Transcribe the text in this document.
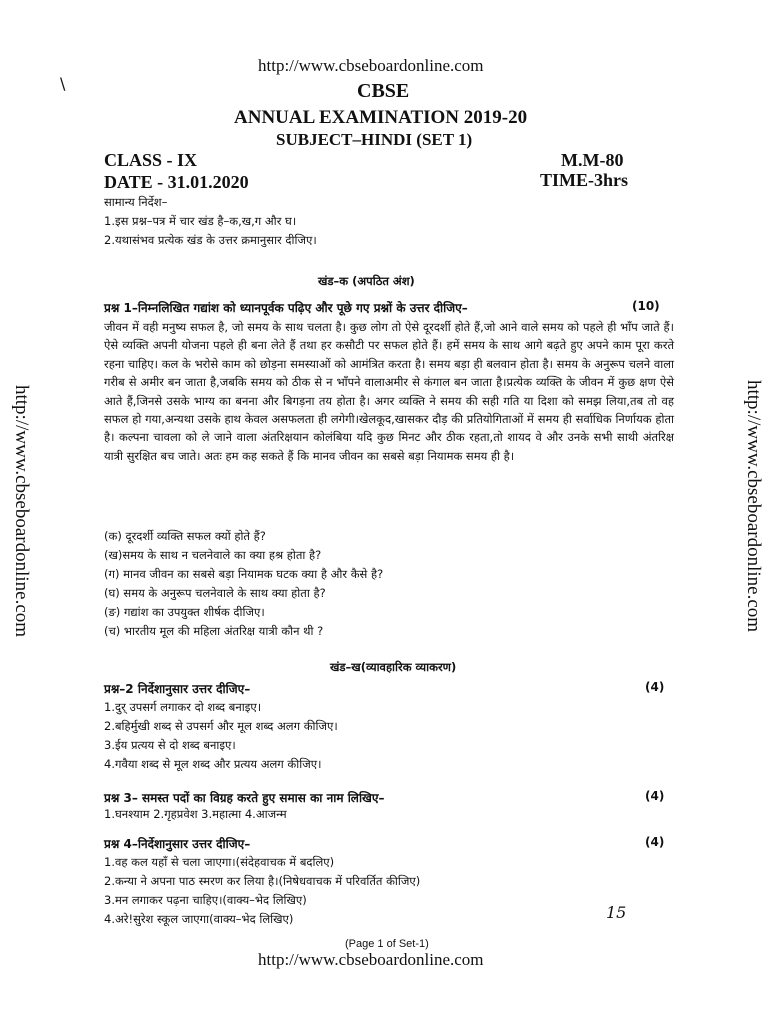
\
http://www.cbseboardonline.com
CBSE
ANNUAL EXAMINATION 2019-20
SUBJECT–HINDI (SET 1)
CLASS - IX
DATE - 31.01.2020
M.M-80
TIME-3hrs
http://www.cbseboardonline.com	http://www.cbseboardonline.com
सामान्य निर्देश–
1.इस प्रश्न–पत्र में चार खंड है–क,ख,ग और घ।
2.यथासंभव प्रत्येक खंड के उत्तर क्रमानुसार दीजिए।
खंड–क (अपठित अंश)
प्रश्न 1–निम्नलिखित गद्यांश को ध्यानपूर्वक पढ़िए और पूछे गए प्रश्नों के उत्तर दीजिए–	(10)
जीवन में वही मनुष्य सफल है, जो समय के साथ चलता है। कुछ लोग तो ऐसे दूरदर्शी होते हैं,जो आने वाले समय को पहले ही भाँप जाते हैं। ऐसे व्यक्ति अपनी योजना पहले ही बना लेते हैं तथा हर कसौटी पर सफल होते हैं। हमें समय के साथ आगे बढ़ते हुए अपने काम पूरा करते रहना चाहिए। कल के भरोसे काम को छोड़ना समस्याओं को आमंत्रित करता है। समय बड़ा ही बलवान होता है। समय के अनुरूप चलने वाला गरीब से अमीर बन जाता है,जबकि समय को ठीक से न भाँपने वालाअमीर से कंगाल बन जाता है।प्रत्येक व्यक्ति के जीवन में कुछ क्षण ऐसे आते हैं,जिनसे उसके भाग्य का बनना और बिगड़ना तय होता है। अगर व्यक्ति ने समय की सही गति या दिशा को समझ लिया,तब तो वह सफल हो गया,अन्यथा उसके हाथ केवल असफलता ही लगेगी।खेलकूद,खासकर दौड़ की प्रतियोगिताओं में समय ही सर्वाधिक निर्णायक होता है। कल्पना चावला को ले जाने वाला अंतरिक्षयान कोलंबिया यदि कुछ मिनट और ठीक रहता,तो शायद वे और उनके सभी साथी अंतरिक्ष यात्री सुरक्षित बच जाते। अतः हम कह सकते हैं कि मानव जीवन का सबसे बड़ा नियामक समय ही है।
(क) दूरदर्शी व्यक्ति सफल क्यों होते हैं?
(ख)समय के साथ न चलनेवाले का क्या हश्र होता है?
(ग) मानव जीवन का सबसे बड़ा नियामक घटक क्या है और कैसे है?
(घ) समय के अनुरूप चलनेवाले के साथ क्या होता है?
(ङ) गद्यांश का उपयुक्त शीर्षक दीजिए।
(च) भारतीय मूल की महिला अंतरिक्ष यात्री कौन थी ?
खंड–ख(व्यावहारिक व्याकरण)
प्रश्न–2 निर्देशानुसार उत्तर दीजिए–	(4)
1.दुर् उपसर्ग लगाकर दो शब्द बनाइए।
2.बहिर्मुखी शब्द से उपसर्ग और मूल शब्द अलग कीजिए।
3.ईय प्रत्यय से दो शब्द बनाइए।
4.गवैया शब्द से मूल शब्द और प्रत्यय अलग कीजिए।
प्रश्न 3– समस्त पदों का विग्रह करते हुए समास का नाम लिखिए–	(4)
1.घनश्याम 2.गृहप्रवेश 3.महात्मा 4.आजन्म
प्रश्न 4–निर्देशानुसार उत्तर दीजिए–	(4)
1.वह कल यहाँ से चला जाएगा।(संदेहवाचक में बदलिए)
2.कन्या ने अपना पाठ स्मरण कर लिया है।(निषेधवाचक में परिवर्तित कीजिए)
3.मन लगाकर पढ़ना चाहिए।(वाक्य–भेद लिखिए)
4.अरे!सुरेश स्कूल जाएगा(वाक्य–भेद लिखिए)	15
(Page 1 of Set-1)
http://www.cbseboardonline.com
